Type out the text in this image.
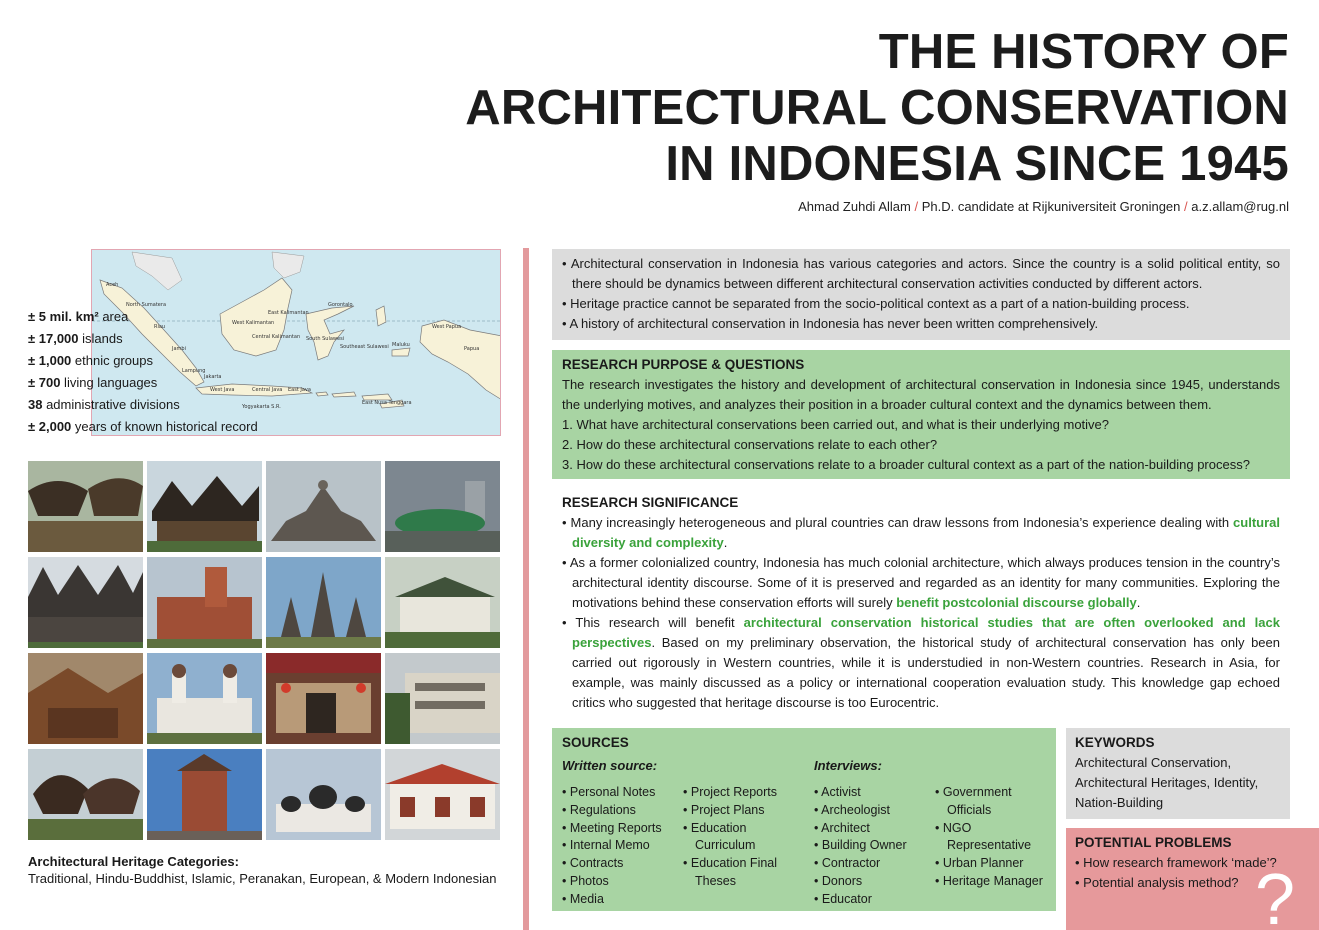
THE HISTORY OF
ARCHITECTURAL CONSERVATION
IN INDONESIA SINCE 1945
Ahmad Zuhdi Allam / Ph.D. candidate at Rijkuniversiteit Groningen / a.z.allam@rug.nl
Aceh
North Sumatera
Riau
Jambi
Lampung
Jakarta
West Java	Central Java East Java
West Kalimantan
Central Kalimantan
East Kalimantan
South Sulawesi
Gorontalo
Southeast Sulawesi Maluku
West Papua
Papua
East Nusa Tenggara
Yogyakarta S.R.
± 5 mil. km² area
± 17,000 islands
± 1,000 ethnic groups
± 700 living languages
38 administrative divisions
± 2,000 years of known historical record
Architectural Heritage Categories:
Traditional, Hindu-Buddhist, Islamic, Peranakan, European, & Modern Indonesian
• Architectural conservation in Indonesia has various categories and actors. Since the country is a solid political entity, so there should be dynamics between different architectural conservation activities conducted by different actors.
• Heritage practice cannot be separated from the socio-political context as a part of a nation-building process.
• A history of architectural conservation in Indonesia has never been written comprehensively.
RESEARCH PURPOSE & QUESTIONS
The research investigates the history and development of architectural conservation in Indonesia since 1945, understands the underlying motives, and analyzes their position in a broader cultural context and the dynamics between them.
1. What have architectural conservations been carried out, and what is their underlying motive?
2. How do these architectural conservations relate to each other?
3. How do these architectural conservations relate to a broader cultural context as a part of the nation-building process?
RESEARCH SIGNIFICANCE
• Many increasingly heterogeneous and plural countries can draw lessons from Indonesia’s experience dealing with cultural diversity and complexity.
• As a former colonialized country, Indonesia has much colonial architecture, which always produces tension in the country’s architectural identity discourse. Some of it is preserved and regarded as an identity for many communities. Exploring the motivations behind these conservation efforts will surely benefit postcolonial discourse globally.
• This research will benefit architectural conservation historical studies that are often overlooked and lack perspectives. Based on my preliminary observation, the historical study of architectural conservation has only been carried out rigorously in Western countries, while it is understudied in non-Western countries. Research in Asia, for example, was mainly discussed as a policy or international cooperation evaluation study. This knowledge gap echoed critics who suggested that heritage discourse is too Eurocentric.
SOURCES
Written source:	Interviews:
• Personal Notes
• Regulations
• Meeting Reports
• Internal Memo
• Contracts
• Photos
• Media
• Project Reports
• Project Plans
• Education Curriculum
• Education Final Theses
• Activist
• Archeologist
• Architect
• Building Owner
• Contractor
• Donors
• Educator
• Government Officials
• NGO Representative
• Urban Planner
• Heritage Manager
KEYWORDS
Architectural Conservation, Architectural Heritages, Identity, Nation-Building
POTENTIAL PROBLEMS
• How research framework ‘made’?
• Potential analysis method? ?
